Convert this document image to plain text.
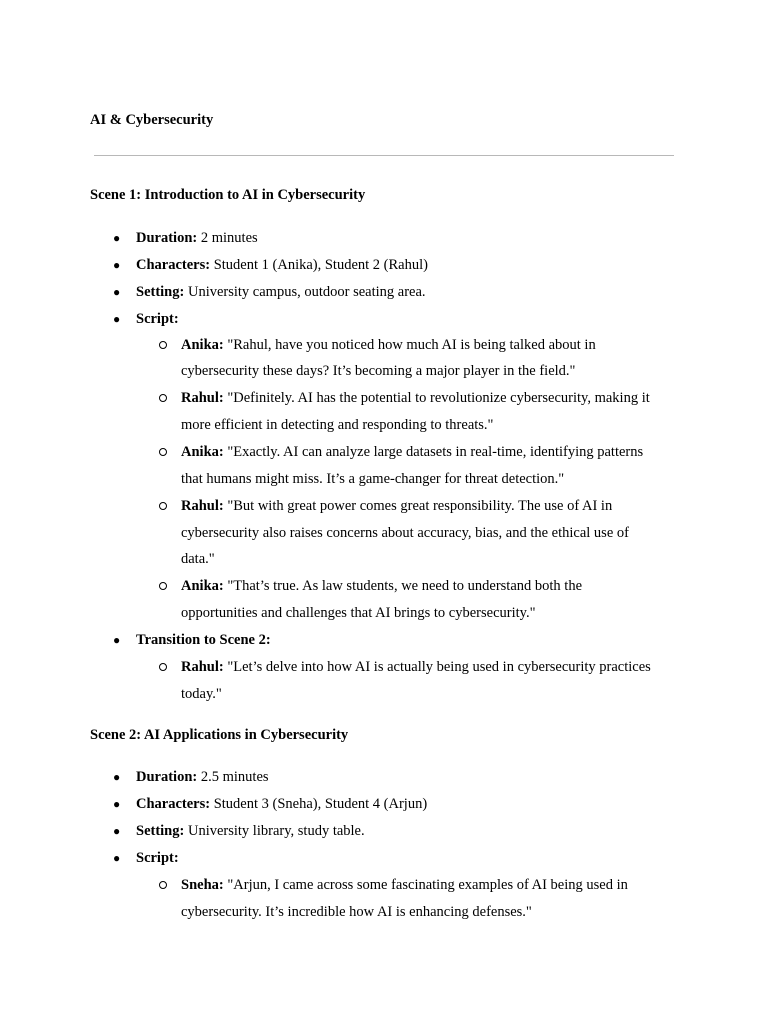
AI & Cybersecurity

Scene 1: Introduction to AI in Cybersecurity

● Duration: 2 minutes
● Characters: Student 1 (Anika), Student 2 (Rahul)
● Setting: University campus, outdoor seating area.
● Script:
Anika: "Rahul, have you noticed how much AI is being talked about in
cybersecurity these days? It’s becoming a major player in the field."
Rahul: "Definitely. AI has the potential to revolutionize cybersecurity, making it
more efficient in detecting and responding to threats."
Anika: "Exactly. AI can analyze large datasets in real-time, identifying patterns
that humans might miss. It’s a game-changer for threat detection."
Rahul: "But with great power comes great responsibility. The use of AI in
cybersecurity also raises concerns about accuracy, bias, and the ethical use of
data."
Anika: "That’s true. As law students, we need to understand both the
opportunities and challenges that AI brings to cybersecurity."
● Transition to Scene 2:
Rahul: "Let’s delve into how AI is actually being used in cybersecurity practices
today."

Scene 2: AI Applications in Cybersecurity

● Duration: 2.5 minutes
● Characters: Student 3 (Sneha), Student 4 (Arjun)
● Setting: University library, study table.
● Script:
Sneha: "Arjun, I came across some fascinating examples of AI being used in
cybersecurity. It’s incredible how AI is enhancing defenses."
